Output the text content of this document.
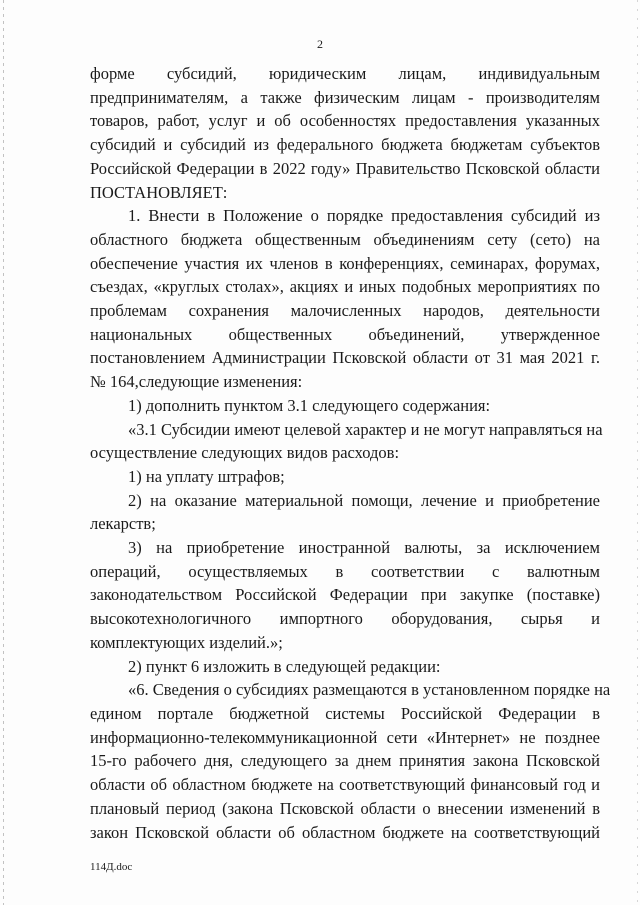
2
форме субсидий, юридическим лицам, индивидуальным
предпринимателям, а также физическим лицам - производителям
товаров, работ, услуг и об особенностях предоставления указанных
субсидий и субсидий из федерального бюджета бюджетам субъектов
Российской Федерации в 2022 году» Правительство Псковской области
ПОСТАНОВЛЯЕТ:
1. Внести в Положение о порядке предоставления субсидий из
областного бюджета общественным объединениям сету (сето) на
обеспечение участия их членов в конференциях, семинарах, форумах,
съездах, «круглых столах», акциях и иных подобных мероприятиях по
проблемам сохранения малочисленных народов, деятельности
национальных общественных объединений, утвержденное
постановлением Администрации Псковской области от 31 мая 2021 г.
№ 164,следующие изменения:
1) дополнить пунктом 3.1 следующего содержания:
«3.1 Субсидии имеют целевой характер и не могут направляться на
осуществление следующих видов расходов:
1) на уплату штрафов;
2) на оказание материальной помощи, лечение и приобретение
лекарств;
3) на приобретение иностранной валюты, за исключением
операций, осуществляемых в соответствии с валютным
законодательством Российской Федерации при закупке (поставке)
высокотехнологичного импортного оборудования, сырья и
комплектующих изделий.»;
2) пункт 6 изложить в следующей редакции:
«6. Сведения о субсидиях размещаются в установленном порядке на
едином портале бюджетной системы Российской Федерации в
информационно-телекоммуникационной сети «Интернет» не позднее
15-го рабочего дня, следующего за днем принятия закона Псковской
области об областном бюджете на соответствующий финансовый год и
плановый период (закона Псковской области о внесении изменений в
закон Псковской области об областном бюджете на соответствующий
114Д.doc
